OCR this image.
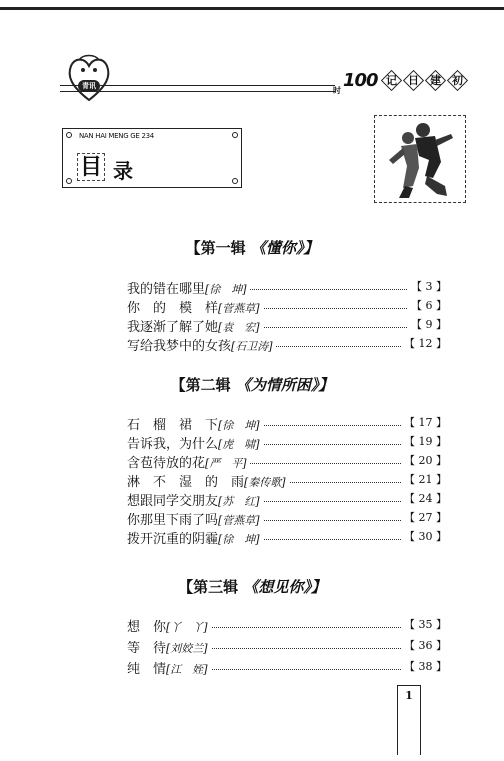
青讯	时 100 记	日	建	初
NAN HAI MENG GE 234
目 录
【第一辑 《懂你》】
我的错在哪里[徐　坤]	【 3 】
你　的　模　样[菅燕草]	【 6 】
我逐渐了解了她[袁　宏]	【 9 】
写给我梦中的女孩[石卫涛]	【 12 】
【第二辑 《为情所困》】
石　榴　裙　下[徐　坤]	【 17 】
告诉我，为什么[虎　啸]	【 19 】
含苞待放的花[严　平]	【 20 】
淋　不　湿　的　雨[秦传歌]	【 21 】
想跟同学交朋友[苏　红]	【 24 】
你那里下雨了吗[菅燕草]	【 27 】
拨开沉重的阴霾[徐　坤]	【 30 】
【第三辑 《想见你》】
想　你[丫　丫]	【 35 】
等　待[刘姣兰]	【 36 】
纯　情[江　姪]	【 38 】
1
